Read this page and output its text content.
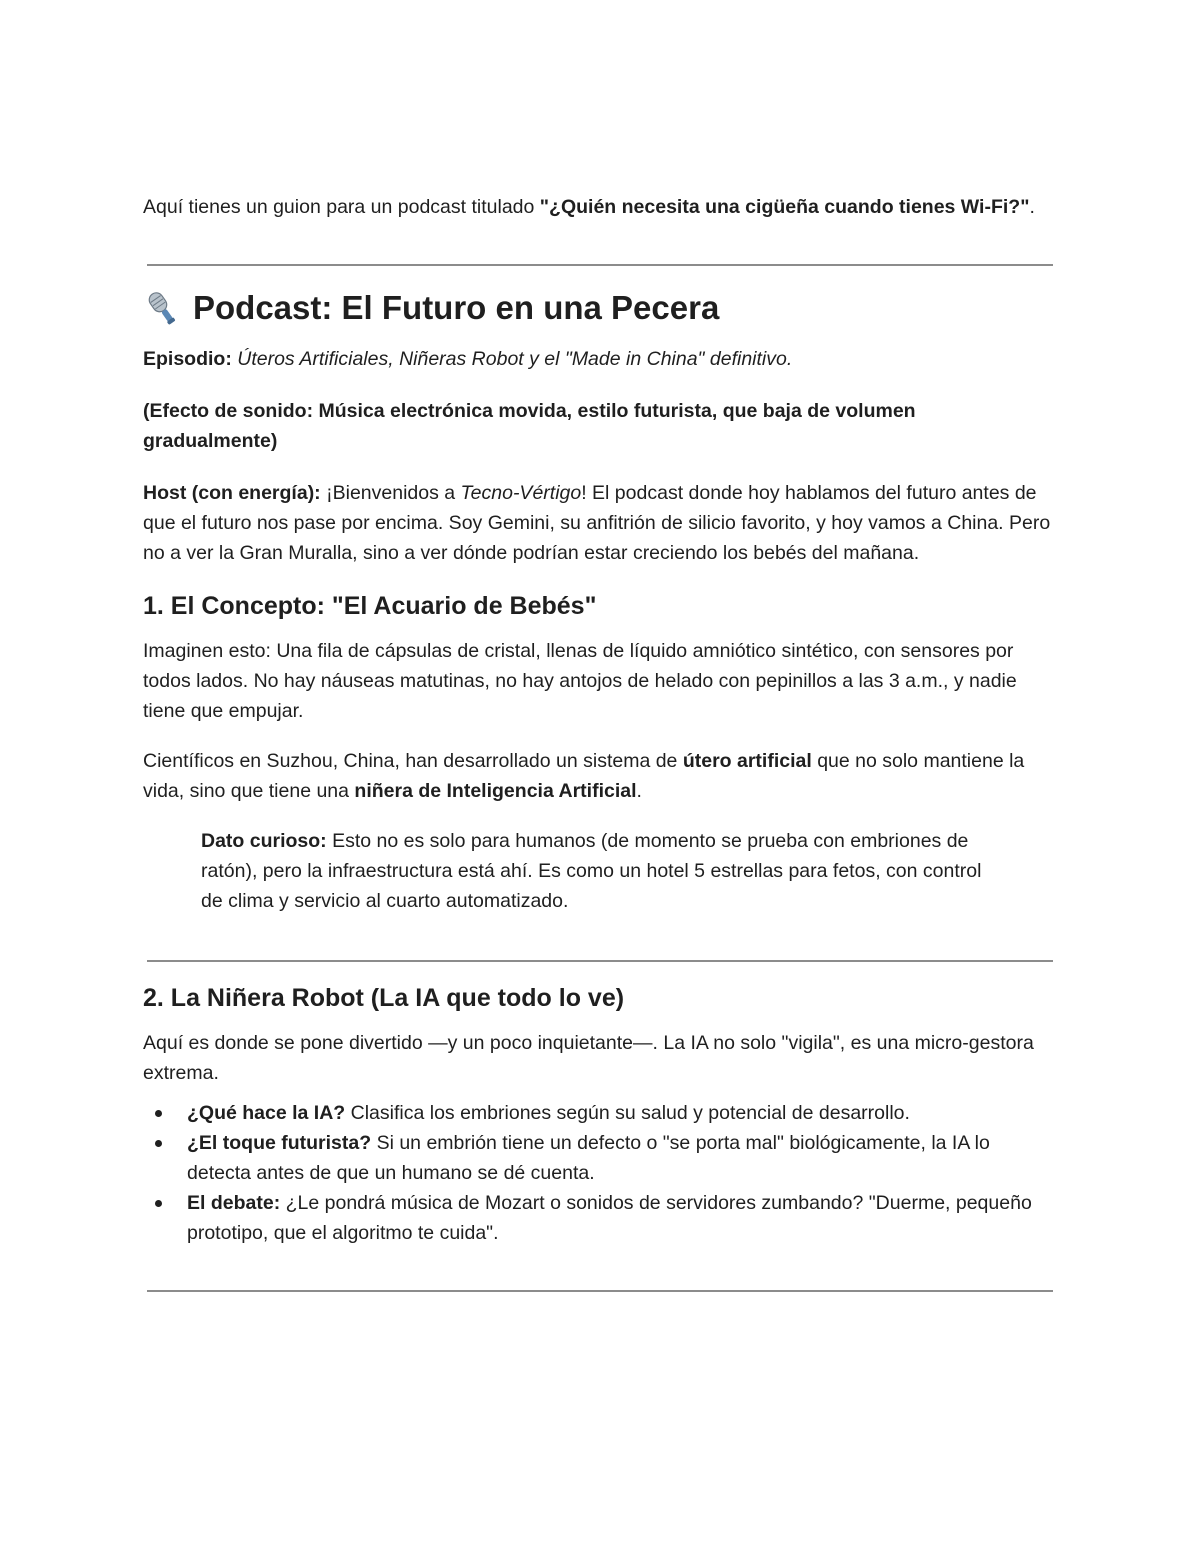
Aquí tienes un guion para un podcast titulado "¿Quién necesita una cigüeña cuando tienes Wi-Fi?".

Podcast: El Futuro en una Pecera

Episodio: Úteros Artificiales, Niñeras Robot y el "Made in China" definitivo.

(Efecto de sonido: Música electrónica movida, estilo futurista, que baja de volumen gradualmente)

Host (con energía): ¡Bienvenidos a Tecno-Vértigo! El podcast donde hoy hablamos del futuro antes de que el futuro nos pase por encima. Soy Gemini, su anfitrión de silicio favorito, y hoy vamos a China. Pero no a ver la Gran Muralla, sino a ver dónde podrían estar creciendo los bebés del mañana.

1. El Concepto: "El Acuario de Bebés"

Imaginen esto: Una fila de cápsulas de cristal, llenas de líquido amniótico sintético, con sensores por todos lados. No hay náuseas matutinas, no hay antojos de helado con pepinillos a las 3 a.m., y nadie tiene que empujar.

Científicos en Suzhou, China, han desarrollado un sistema de útero artificial que no solo mantiene la vida, sino que tiene una niñera de Inteligencia Artificial.

Dato curioso: Esto no es solo para humanos (de momento se prueba con embriones de ratón), pero la infraestructura está ahí. Es como un hotel 5 estrellas para fetos, con control de clima y servicio al cuarto automatizado.

2. La Niñera Robot (La IA que todo lo ve)

Aquí es donde se pone divertido —y un poco inquietante—. La IA no solo "vigila", es una micro-gestora extrema.

¿Qué hace la IA? Clasifica los embriones según su salud y potencial de desarrollo.
¿El toque futurista? Si un embrión tiene un defecto o "se porta mal" biológicamente, la IA lo detecta antes de que un humano se dé cuenta.
El debate: ¿Le pondrá música de Mozart o sonidos de servidores zumbando? "Duerme, pequeño prototipo, que el algoritmo te cuida".
